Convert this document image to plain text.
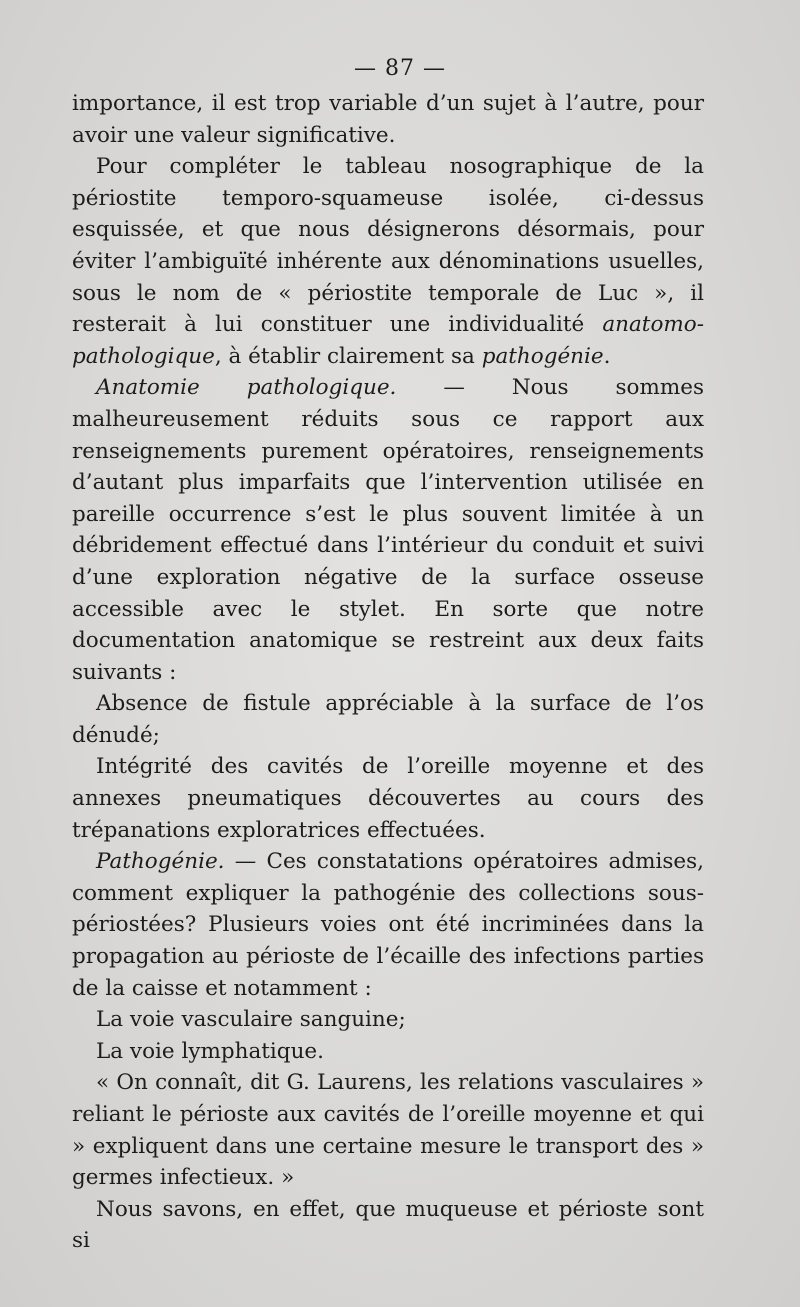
— 87 —

importance, il est trop variable d’un sujet à l’autre, pour avoir une valeur significative.

Pour compléter le tableau nosographique de la périostite temporo-squameuse isolée, ci-dessus esquissée, et que nous désignerons désormais, pour éviter l’ambiguïté inhérente aux dénominations usuelles, sous le nom de « périostite temporale de Luc », il resterait à lui constituer une individualité anatomo-pathologique, à établir clairement sa pathogénie.

Anatomie pathologique. — Nous sommes malheureusement réduits sous ce rapport aux renseignements purement opératoires, renseignements d’autant plus imparfaits que l’intervention utilisée en pareille occurrence s’est le plus souvent limitée à un débridement effectué dans l’intérieur du conduit et suivi d’une exploration négative de la surface osseuse accessible avec le stylet. En sorte que notre documentation anatomique se restreint aux deux faits suivants :

Absence de fistule appréciable à la surface de l’os dénudé;

Intégrité des cavités de l’oreille moyenne et des annexes pneumatiques découvertes au cours des trépanations exploratrices effectuées.

Pathogénie. — Ces constatations opératoires admises, comment expliquer la pathogénie des collections sous-périostées? Plusieurs voies ont été incriminées dans la propagation au périoste de l’écaille des infections parties de la caisse et notamment :

La voie vasculaire sanguine;

La voie lymphatique.

« On connaît, dit G. Laurens, les relations vasculaires » reliant le périoste aux cavités de l’oreille moyenne et qui » expliquent dans une certaine mesure le transport des » germes infectieux. »

Nous savons, en effet, que muqueuse et périoste sont si
